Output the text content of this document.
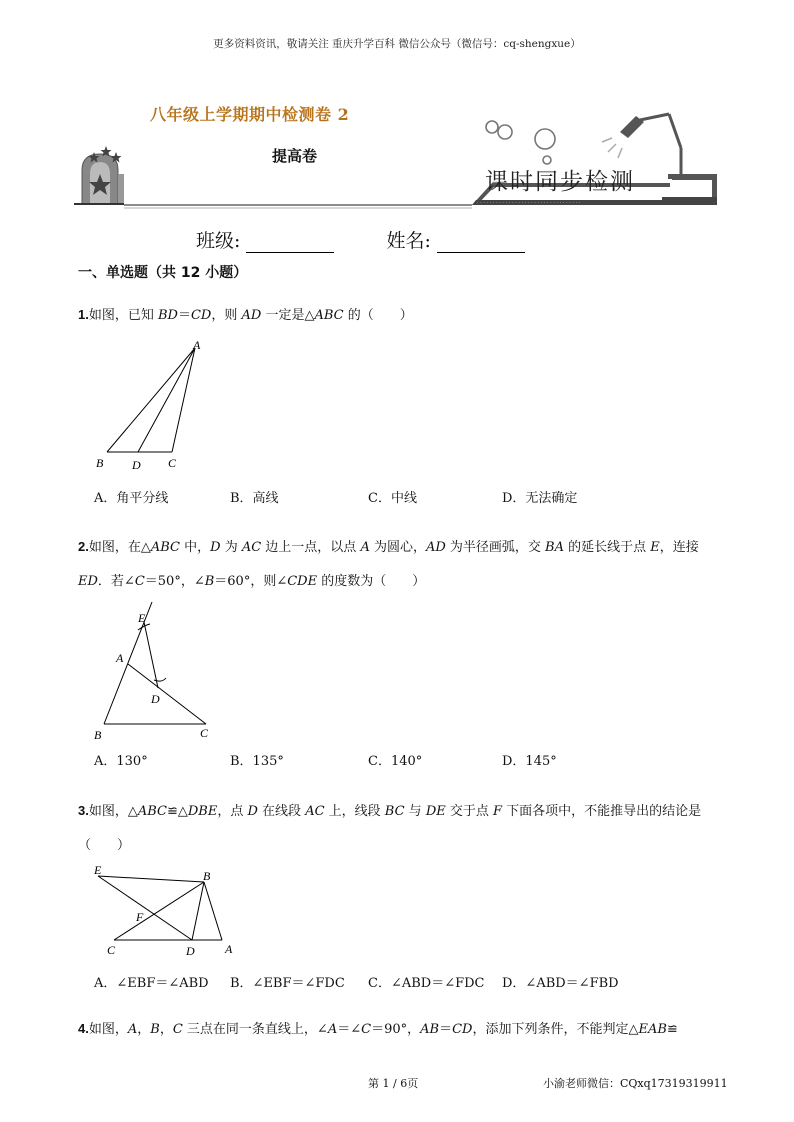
更多资料资讯，敬请关注 重庆升学百科 微信公众号（微信号：cq-shengxue）
· · · · · · · · · · · · · · · · · · · · · · · · · · · · · · · · ·
八年级上学期期中检测卷 2
提高卷
课时同步检测
班级:	姓名:
一、单选题（共 12 小题）
1.如图，已知 BD＝CD，则 AD 一定是△ABC 的（　　）
A
B D C
A．角平分线	B．高线	C．中线	D．无法确定
2.如图，在△ABC 中，D 为 AC 边上一点，以点 A 为圆心，AD 为半径画弧，交 BA 的延长线于点 E，连接
ED．若∠C＝50°，∠B＝60°，则∠CDE 的度数为（　　）
E
A
D
B	C
A．130°	B．135°	C．140°	D．145°
3.如图，△ABC≌△DBE，点 D 在线段 AC 上，线段 BC 与 DE 交于点 F 下面各项中，不能推导出的结论是
（　　）
E	B
F
C	D	A
A．∠EBF＝∠ABD B．∠EBF＝∠FDC C．∠ABD＝∠FDC D．∠ABD＝∠FBD
4.如图，A，B，C 三点在同一条直线上，∠A＝∠C＝90°，AB＝CD，添加下列条件，不能判定△EAB≌
第 1 / 6页	小渝老师微信：CQxq17319319911
